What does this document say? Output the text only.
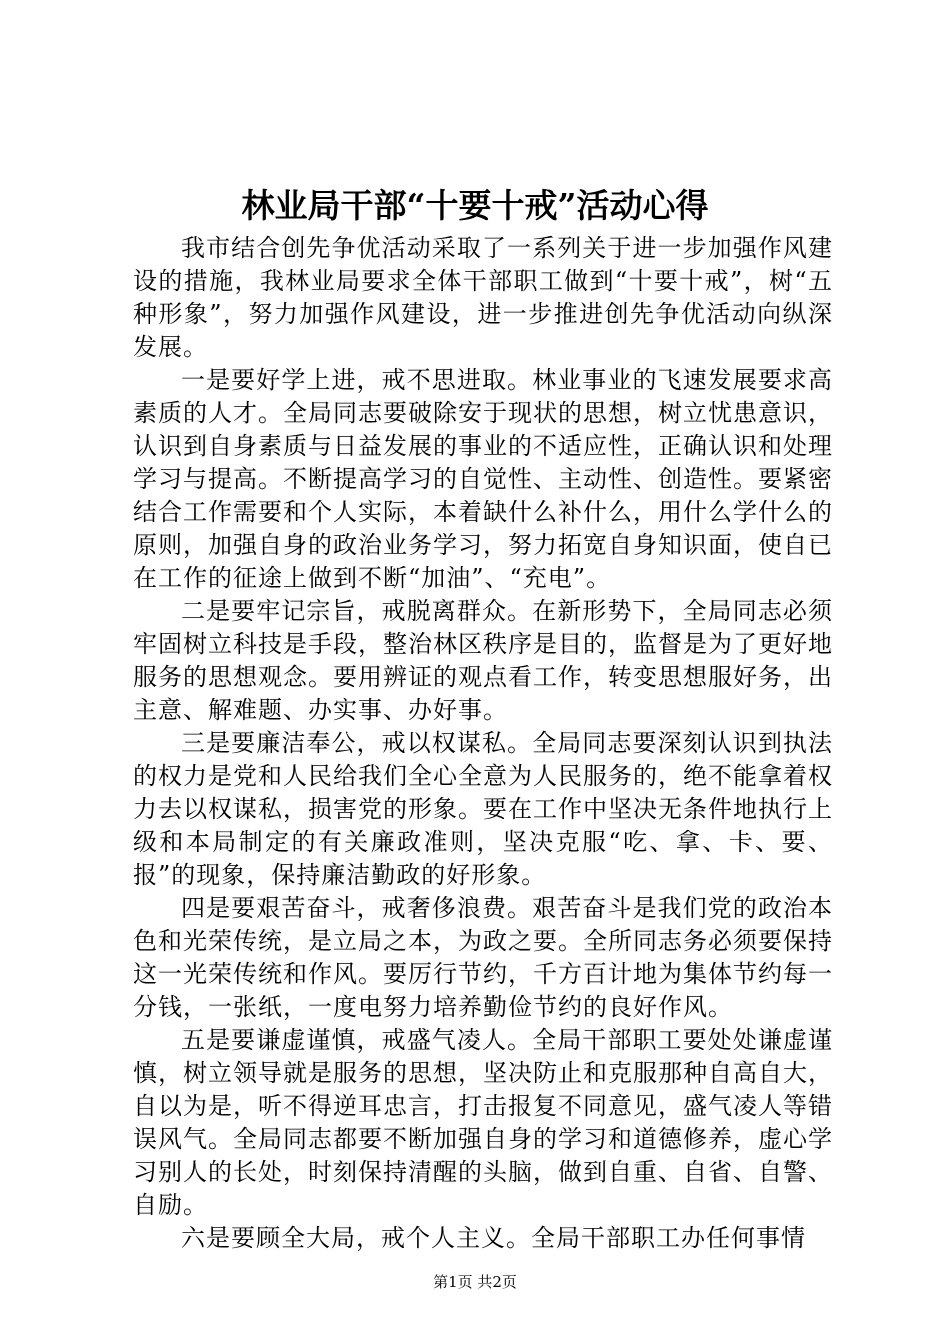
林业局干部“十要十戒”活动心得

我市结合创先争优活动采取了一系列关于进一步加强作风建设的措施，我林业局要求全体干部职工做到“十要十戒”，树“五种形象”，努力加强作风建设，进一步推进创先争优活动向纵深发展。

一是要好学上进，戒不思进取。林业事业的飞速发展要求高素质的人才。全局同志要破除安于现状的思想，树立忧患意识，认识到自身素质与日益发展的事业的不适应性，正确认识和处理学习与提高。不断提高学习的自觉性、主动性、创造性。要紧密结合工作需要和个人实际，本着缺什么补什么，用什么学什么的原则，加强自身的政治业务学习，努力拓宽自身知识面，使自已在工作的征途上做到不断“加油”、“充电”。

二是要牢记宗旨，戒脱离群众。在新形势下，全局同志必须牢固树立科技是手段，整治林区秩序是目的，监督是为了更好地服务的思想观念。要用辨证的观点看工作，转变思想服好务，出主意、解难题、办实事、办好事。

三是要廉洁奉公，戒以权谋私。全局同志要深刻认识到执法的权力是党和人民给我们全心全意为人民服务的，绝不能拿着权力去以权谋私，损害党的形象。要在工作中坚决无条件地执行上级和本局制定的有关廉政准则，坚决克服“吃、拿、卡、要、报”的现象，保持廉洁勤政的好形象。

四是要艰苦奋斗，戒奢侈浪费。艰苦奋斗是我们党的政治本色和光荣传统，是立局之本，为政之要。全所同志务必须要保持这一光荣传统和作风。要厉行节约，千方百计地为集体节约每一分钱，一张纸，一度电努力培养勤俭节约的良好作风。

五是要谦虚谨慎，戒盛气凌人。全局干部职工要处处谦虚谨慎，树立领导就是服务的思想，坚决防止和克服那种自高自大，自以为是，听不得逆耳忠言，打击报复不同意见，盛气凌人等错误风气。全局同志都要不断加强自身的学习和道德修养，虚心学习别人的长处，时刻保持清醒的头脑，做到自重、自省、自警、自励。

六是要顾全大局，戒个人主义。全局干部职工办任何事情

第1页 共2页
